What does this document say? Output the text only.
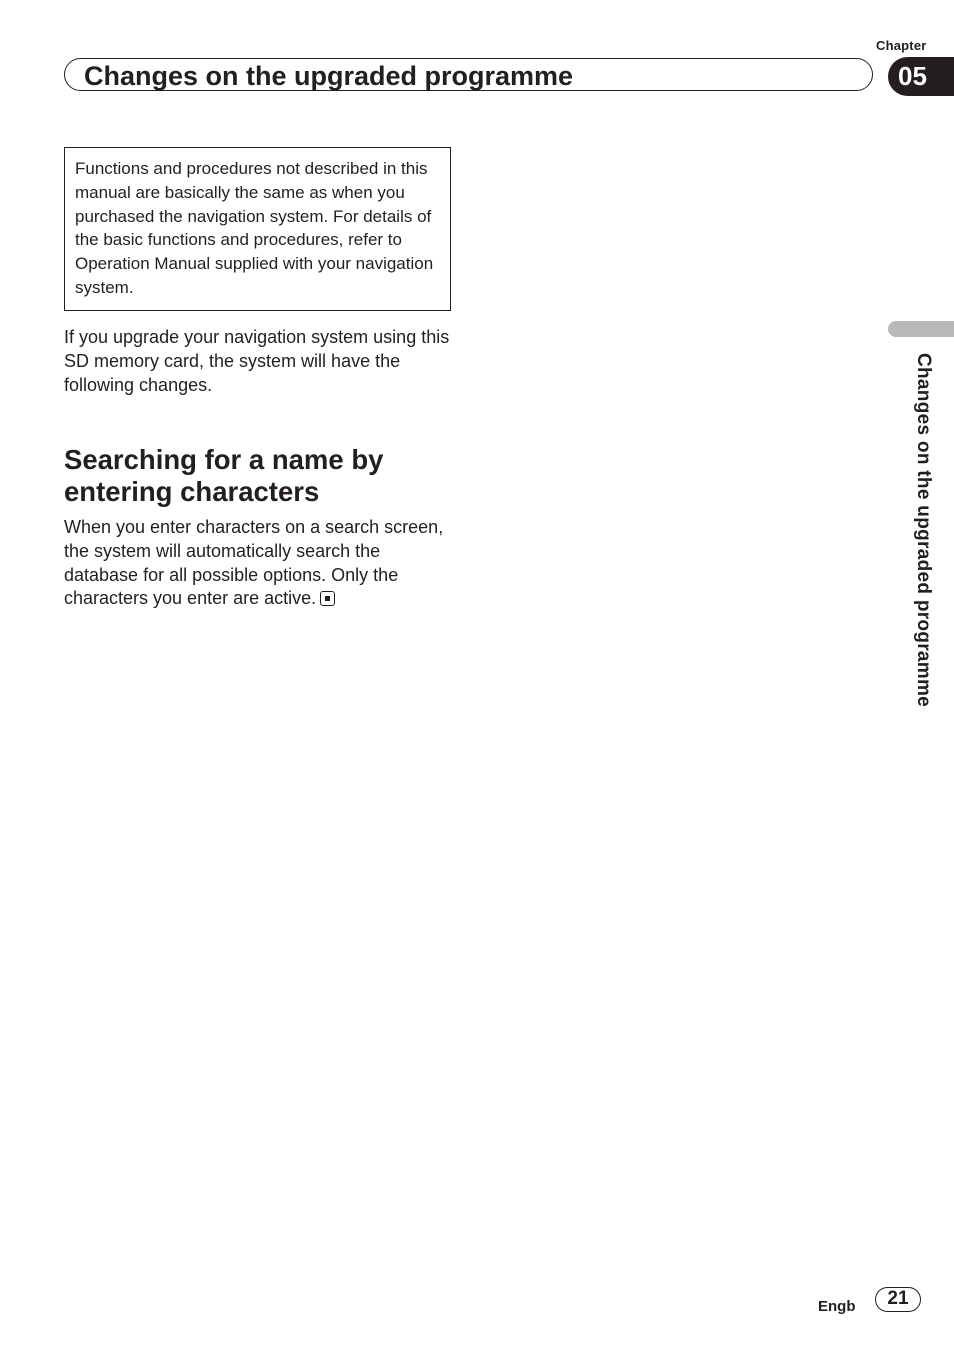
Chapter
Changes on the upgraded programme	05
Functions and procedures not described in this manual are basically the same as when you purchased the navigation system. For details of the basic functions and procedures, refer to Operation Manual supplied with your navigation system.

If you upgrade your navigation system using this SD memory card, the system will have the following changes.

Searching for a name by entering characters

When you enter characters on a search screen, the system will automatically search the database for all possible options. Only the characters you enter are active.	Changes on the upgraded programme
Engb	21
